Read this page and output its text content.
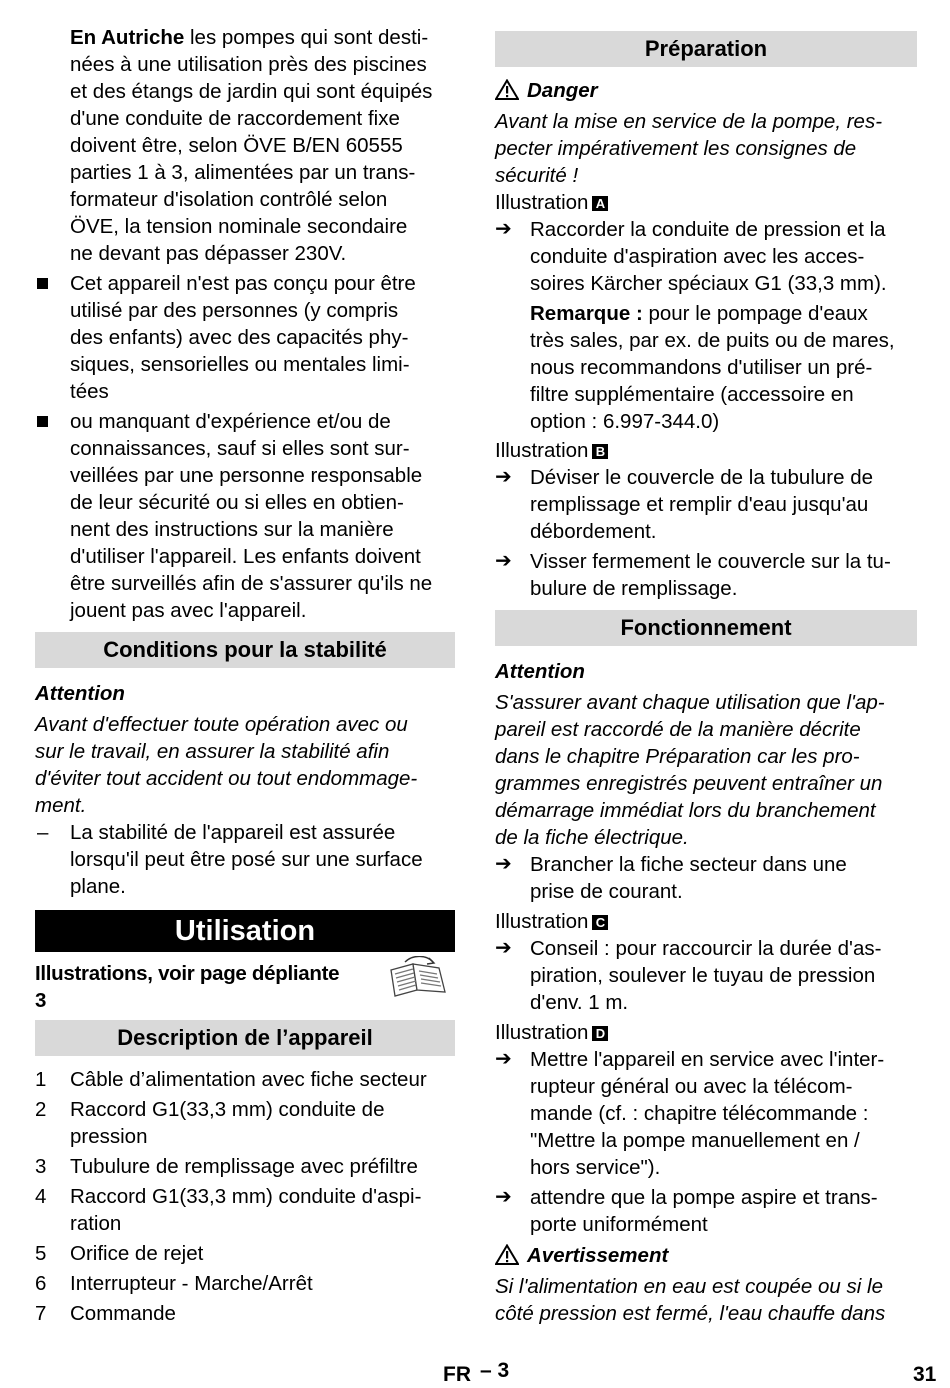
En Autriche les pompes qui sont desti-

nées à une utilisation près des piscines

et des étangs de jardin qui sont équipés

d'une conduite de raccordement fixe

doivent être, selon ÖVE B/EN 60555

parties 1 à 3, alimentées par un trans-

formateur d'isolation contrôlé selon

ÖVE, la tension nominale secondaire

ne devant pas dépasser 230V.

Cet appareil n'est pas conçu pour être

utilisé par des personnes (y compris

des enfants) avec des capacités phy-

siques, sensorielles ou mentales limi-

tées

ou manquant d'expérience et/ou de

connaissances, sauf si elles sont sur-

veillées par une personne responsable

de leur sécurité ou si elles en obtien-

nent des instructions sur la manière

d'utiliser l'appareil. Les enfants doivent

être surveillés afin de s'assurer qu'ils ne

jouent pas avec l'appareil.

Conditions pour la stabilité

Attention

Avant d'effectuer toute opération avec ou

sur le travail, en assurer la stabilité afin

d'éviter tout accident ou tout endommage-

ment.

– La stabilité de l'appareil est assurée

lorsqu'il peut être posé sur une surface

plane.

Utilisation

Illustrations, voir page dépliante

3

Description de l’appareil
1 Câble d’alimentation avec fiche secteur

2 Raccord G1(33,3 mm) conduite de

pression

3 Tubulure de remplissage avec préfiltre

4 Raccord G1(33,3 mm) conduite d'aspi-

ration

5 Orifice de rejet

6 Interrupteur - Marche/Arrêt

7 Commande

Préparation

Danger

Avant la mise en service de la pompe, res-

pecter impérativement les consignes de

sécurité !

Illustration A

➔ Raccorder la conduite de pression et la

conduite d'aspiration avec les acces-

soires Kärcher spéciaux G1 (33,3 mm).

Remarque : pour le pompage d'eaux

très sales, par ex. de puits ou de mares,

nous recommandons d'utiliser un pré-

filtre supplémentaire (accessoire en

option : 6.997-344.0)

Illustration B

➔ Déviser le couvercle de la tubulure de

remplissage et remplir d'eau jusqu'au

débordement.

➔ Visser fermement le couvercle sur la tu-

bulure de remplissage.

Fonctionnement

Attention

S'assurer avant chaque utilisation que l'ap-

pareil est raccordé de la manière décrite

dans le chapitre Préparation car les pro-

grammes enregistrés peuvent entraîner un

démarrage immédiat lors du branchement

de la fiche électrique.

➔ Brancher la fiche secteur dans une

prise de courant.

Illustration C

➔ Conseil : pour raccourcir la durée d'as-

piration, soulever le tuyau de pression

d'env. 1 m.

Illustration D

➔ Mettre l'appareil en service avec l'inter-

rupteur général ou avec la télécom-

mande (cf. : chapitre télécommande :

"Mettre la pompe manuellement en /

hors service").

➔ attendre que la pompe aspire et trans-

porte uniformément

Avertissement

Si l'alimentation en eau est coupée ou si le

côté pression est fermé, l'eau chauffe dans

FR – 3	31
